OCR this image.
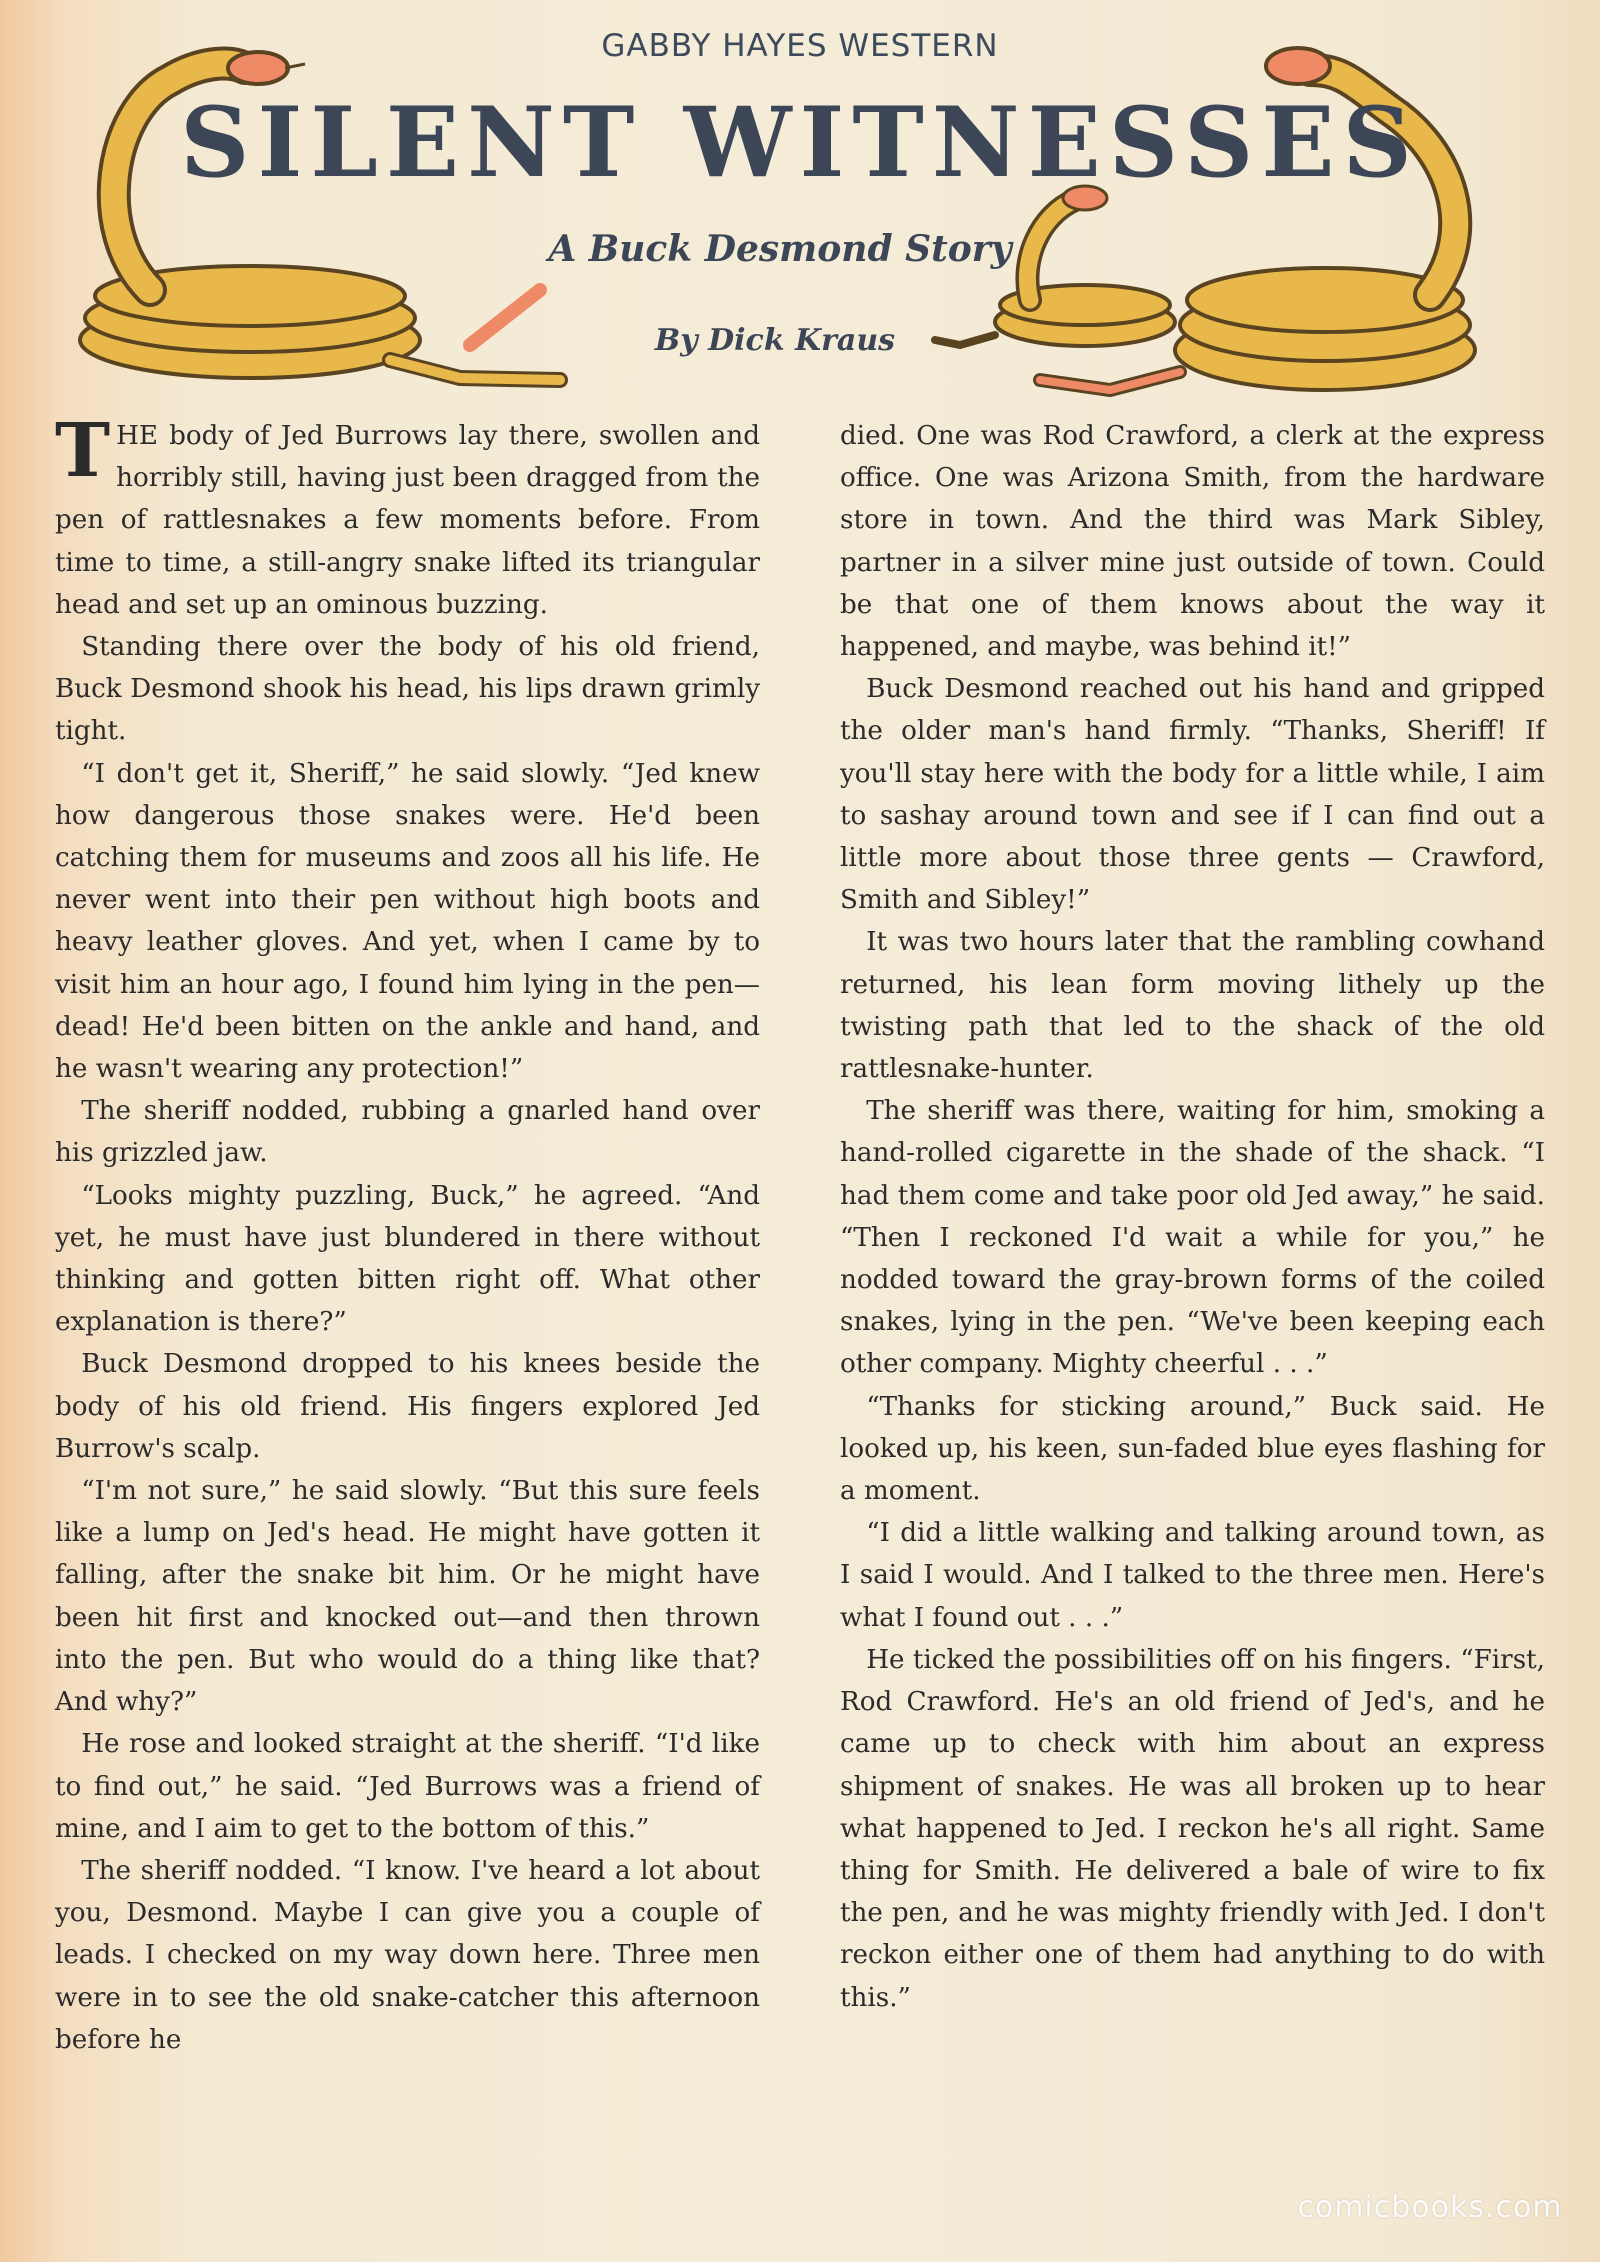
GABBY HAYES WESTERN
SILENT WITNESSES
A Buck Desmond Story
By Dick Kraus

THE body of Jed Burrows lay there, swollen and horribly still, having just been dragged from the pen of rattlesnakes a few moments before. From time to time, a still-angry snake lifted its triangular head and set up an ominous buzzing.

Standing there over the body of his old friend, Buck Desmond shook his head, his lips drawn grimly tight.

“I don't get it, Sheriff,” he said slowly. “Jed knew how dangerous those snakes were. He'd been catching them for museums and zoos all his life. He never went into their pen without high boots and heavy leather gloves. And yet, when I came by to visit him an hour ago, I found him lying in the pen—dead! He'd been bitten on the ankle and hand, and he wasn't wearing any protection!”

The sheriff nodded, rubbing a gnarled hand over his grizzled jaw.

“Looks mighty puzzling, Buck,” he agreed. “And yet, he must have just blundered in there without thinking and gotten bitten right off. What other explanation is there?”

Buck Desmond dropped to his knees beside the body of his old friend. His fingers explored Jed Burrow's scalp.

“I'm not sure,” he said slowly. “But this sure feels like a lump on Jed's head. He might have gotten it falling, after the snake bit him. Or he might have been hit first and knocked out—and then thrown into the pen. But who would do a thing like that? And why?”

He rose and looked straight at the sheriff. “I'd like to find out,” he said. “Jed Burrows was a friend of mine, and I aim to get to the bottom of this.”

The sheriff nodded. “I know. I've heard a lot about you, Desmond. Maybe I can give you a couple of leads. I checked on my way down here. Three men were in to see the old snake-catcher this afternoon before he

died. One was Rod Crawford, a clerk at the express office. One was Arizona Smith, from the hardware store in town. And the third was Mark Sibley, partner in a silver mine just outside of town. Could be that one of them knows about the way it happened, and maybe, was behind it!”

Buck Desmond reached out his hand and gripped the older man's hand firmly. “Thanks, Sheriff! If you'll stay here with the body for a little while, I aim to sashay around town and see if I can find out a little more about those three gents — Crawford, Smith and Sibley!”

It was two hours later that the rambling cowhand returned, his lean form moving lithely up the twisting path that led to the shack of the old rattlesnake-hunter.

The sheriff was there, waiting for him, smoking a hand-rolled cigarette in the shade of the shack. “I had them come and take poor old Jed away,” he said. “Then I reckoned I'd wait a while for you,” he nodded toward the gray-brown forms of the coiled snakes, lying in the pen. “We've been keeping each other company. Mighty cheerful . . .”

“Thanks for sticking around,” Buck said. He looked up, his keen, sun-faded blue eyes flashing for a moment.

“I did a little walking and talking around town, as I said I would. And I talked to the three men. Here's what I found out . . .”

He ticked the possibilities off on his fingers. “First, Rod Crawford. He's an old friend of Jed's, and he came up to check with him about an express shipment of snakes. He was all broken up to hear what happened to Jed. I reckon he's all right. Same thing for Smith. He delivered a bale of wire to fix the pen, and he was mighty friendly with Jed. I don't reckon either one of them had anything to do with this.”

comicbooks.com
